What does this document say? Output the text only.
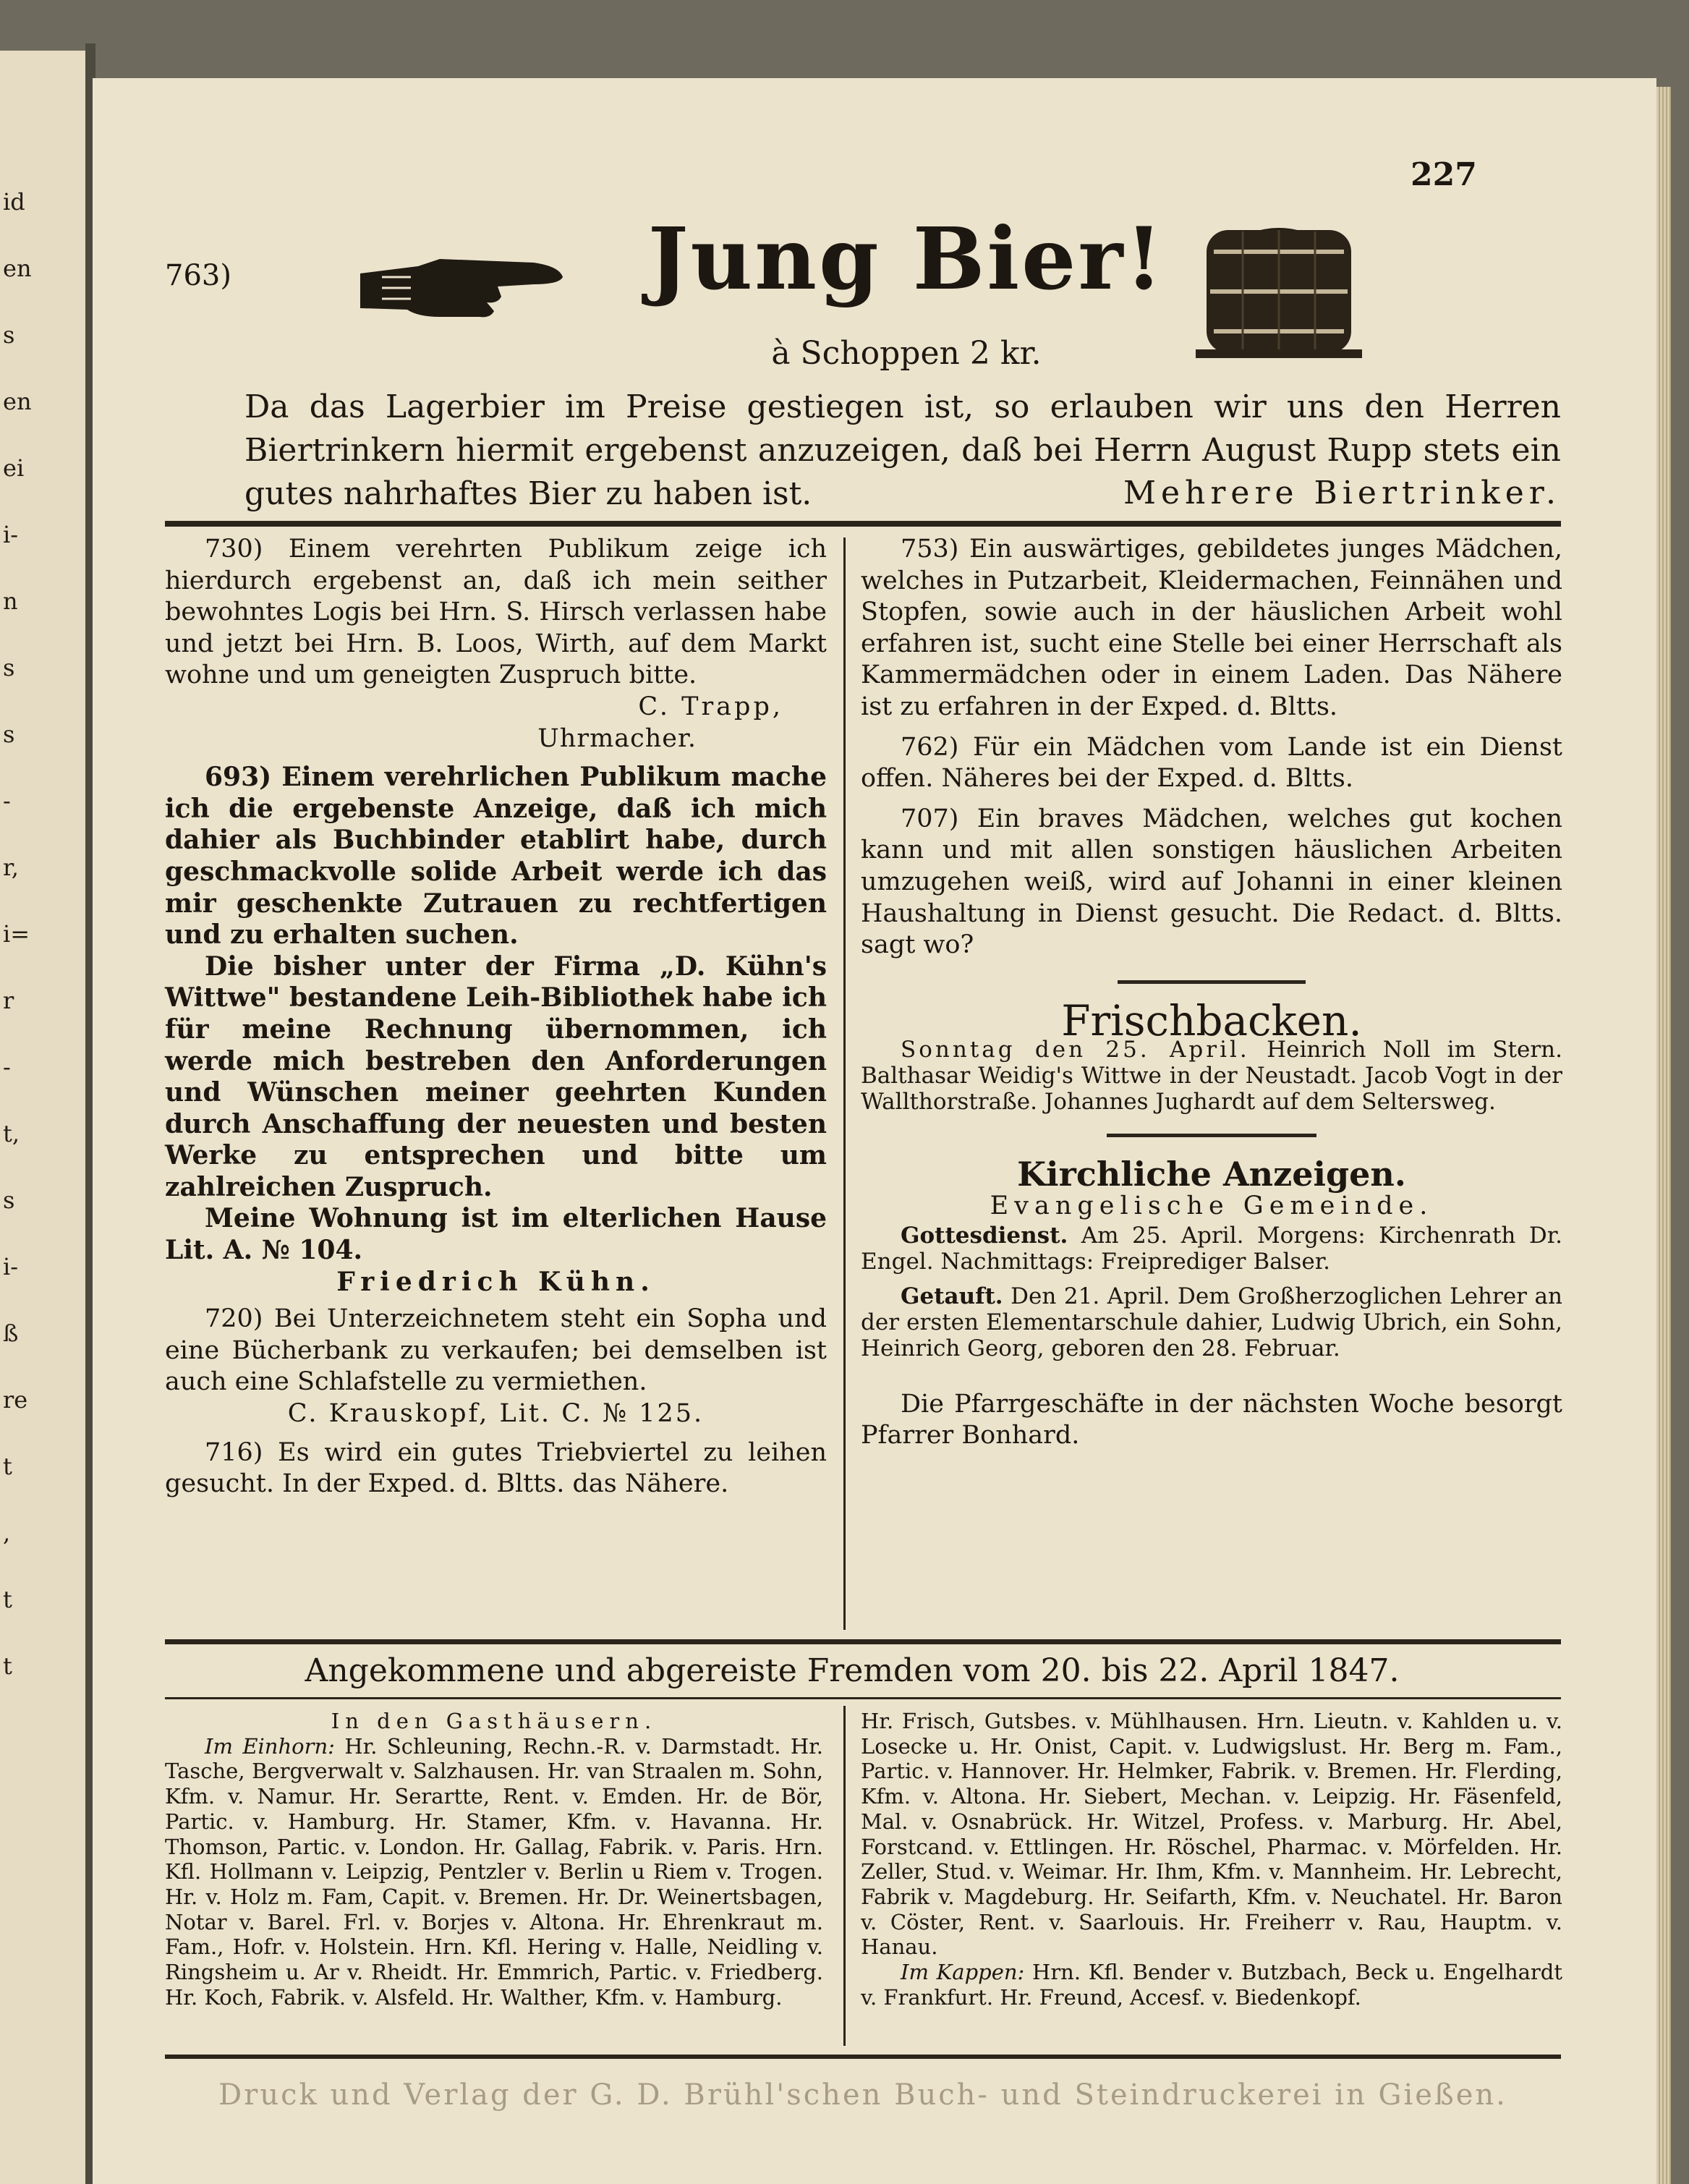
id
en
s
en
ei
i-
n
s
s
-
r,
i=
r
-
t,
s
i-
ß
re
t
,
t
t
227
763)	Jung Bier!
à Schoppen 2 kr.
Da das Lagerbier im Preise gestiegen ist, so erlauben wir uns den Herren Biertrinkern hiermit ergebenst anzuzeigen, daß bei Herrn August Rupp stets ein gutes nahrhaftes Bier zu haben ist.	Mehrere Biertrinker.

730) Einem verehrten Publikum zeige ich hierdurch ergebenst an, daß ich mein seither bewohntes Logis bei Hrn. S. Hirsch verlassen habe und jetzt bei Hrn. B. Loos, Wirth, auf dem Markt wohne und um geneigten Zuspruch bitte.

C. Trapp,

Uhrmacher.

693) Einem verehrlichen Publikum mache ich die ergebenste Anzeige, daß ich mich dahier als Buchbinder etablirt habe, durch geschmackvolle solide Arbeit werde ich das mir geschenkte Zutrauen zu rechtfertigen und zu erhalten suchen.

Die bisher unter der Firma „D. Kühn's Wittwe" bestandene Leih-Bibliothek habe ich für meine Rechnung übernommen, ich werde mich bestreben den Anforderungen und Wünschen meiner geehrten Kunden durch Anschaffung der neuesten und besten Werke zu entsprechen und bitte um zahlreichen Zuspruch.

Meine Wohnung ist im elterlichen Hause Lit. A. № 104.

Friedrich Kühn.

720) Bei Unterzeichnetem steht ein Sopha und eine Bücherbank zu verkaufen; bei demselben ist auch eine Schlafstelle zu vermiethen.

C. Krauskopf, Lit. C. № 125.

716) Es wird ein gutes Triebviertel zu leihen gesucht. In der Exped. d. Bltts. das Nähere.

753) Ein auswärtiges, gebildetes junges Mädchen, welches in Putzarbeit, Kleidermachen, Feinnähen und Stopfen, sowie auch in der häuslichen Arbeit wohl erfahren ist, sucht eine Stelle bei einer Herrschaft als Kammermädchen oder in einem Laden. Das Nähere ist zu erfahren in der Exped. d. Bltts.

762) Für ein Mädchen vom Lande ist ein Dienst offen. Näheres bei der Exped. d. Bltts.

707) Ein braves Mädchen, welches gut kochen kann und mit allen sonstigen häuslichen Arbeiten umzugehen weiß, wird auf Johanni in einer kleinen Haushaltung in Dienst gesucht. Die Redact. d. Bltts. sagt wo?

Frischbacken.

Sonntag den 25. April. Heinrich Noll im Stern. Balthasar Weidig's Wittwe in der Neustadt. Jacob Vogt in der Wallthorstraße. Johannes Jughardt auf dem Seltersweg.

Kirchliche Anzeigen.

Evangelische Gemeinde.

Gottesdienst. Am 25. April. Morgens: Kirchenrath Dr. Engel. Nachmittags: Freiprediger Balser.

Getauft. Den 21. April. Dem Großherzoglichen Lehrer an der ersten Elementarschule dahier, Ludwig Ubrich, ein Sohn, Heinrich Georg, geboren den 28. Februar.

Die Pfarrgeschäfte in der nächsten Woche besorgt Pfarrer Bonhard.

Angekommene und abgereiste Fremden vom 20. bis 22. April 1847.

In den Gasthäusern.

Im Einhorn: Hr. Schleuning, Rechn.-R. v. Darmstadt. Hr. Tasche, Bergverwalt v. Salzhausen. Hr. van Straalen m. Sohn, Kfm. v. Namur. Hr. Serartte, Rent. v. Emden. Hr. de Bör, Partic. v. Hamburg. Hr. Stamer, Kfm. v. Havanna. Hr. Thomson, Partic. v. London. Hr. Gallag, Fabrik. v. Paris. Hrn. Kfl. Hollmann v. Leipzig, Pentzler v. Berlin u Riem v. Trogen. Hr. v. Holz m. Fam, Capit. v. Bremen. Hr. Dr. Weinertsbagen, Notar v. Barel. Frl. v. Borjes v. Altona. Hr. Ehrenkraut m. Fam., Hofr. v. Holstein. Hrn. Kfl. Hering v. Halle, Neidling v. Ringsheim u. Ar v. Rheidt. Hr. Emmrich, Partic. v. Friedberg. Hr. Koch, Fabrik. v. Alsfeld. Hr. Walther, Kfm. v. Hamburg.

Hr. Frisch, Gutsbes. v. Mühlhausen. Hrn. Lieutn. v. Kahlden u. v. Losecke u. Hr. Onist, Capit. v. Ludwigslust. Hr. Berg m. Fam., Partic. v. Hannover. Hr. Helmker, Fabrik. v. Bremen. Hr. Flerding, Kfm. v. Altona. Hr. Siebert, Mechan. v. Leipzig. Hr. Fäsenfeld, Mal. v. Osnabrück. Hr. Witzel, Profess. v. Marburg. Hr. Abel, Forstcand. v. Ettlingen. Hr. Röschel, Pharmac. v. Mörfelden. Hr. Zeller, Stud. v. Weimar. Hr. Ihm, Kfm. v. Mannheim. Hr. Lebrecht, Fabrik v. Magdeburg. Hr. Seifarth, Kfm. v. Neuchatel. Hr. Baron v. Cöster, Rent. v. Saarlouis. Hr. Freiherr v. Rau, Hauptm. v. Hanau.

Im Kappen: Hrn. Kfl. Bender v. Butzbach, Beck u. Engelhardt v. Frankfurt. Hr. Freund, Accesf. v. Biedenkopf.

Druck und Verlag der G. D. Brühl'schen Buch- und Steindruckerei in Gießen.
